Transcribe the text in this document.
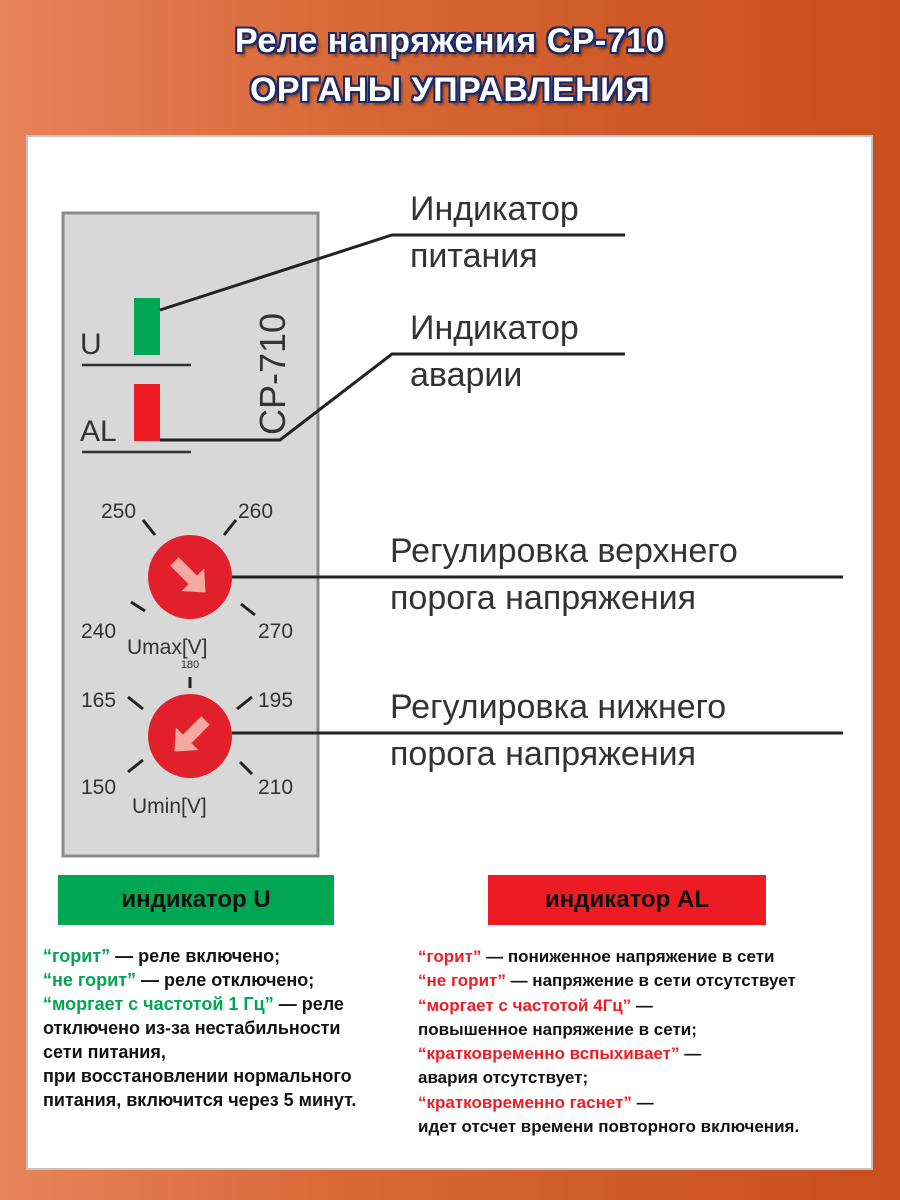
Реле напряжения СР-710
ОРГАНЫ УПРАВЛЕНИЯ
U
AL	CP-710
250	260
240	270
Umax[V]
165
180
195
150	210
Umin[V]
Индикатор
питания
Индикатор
аварии
Регулировка верхнего
порога напряжения
Регулировка нижнего
порога напряжения
индикатор U	индикатор AL
“горит” — реле включено;
“не горит” — реле отключено;
“моргает с частотой 1 Гц” — реле
отключено из-за нестабильности
сети питания,
при восстановлении нормального
питания, включится через 5 минут.
“горит” — пониженное напряжение в сети
“не горит” — напряжение в сети отсутствует
“моргает с частотой 4Гц” —
повышенное напряжение в сети;
“кратковременно вспыхивает” —
авария отсутствует;
“кратковременно гаснет” —
идет отсчет времени повторного включения.
